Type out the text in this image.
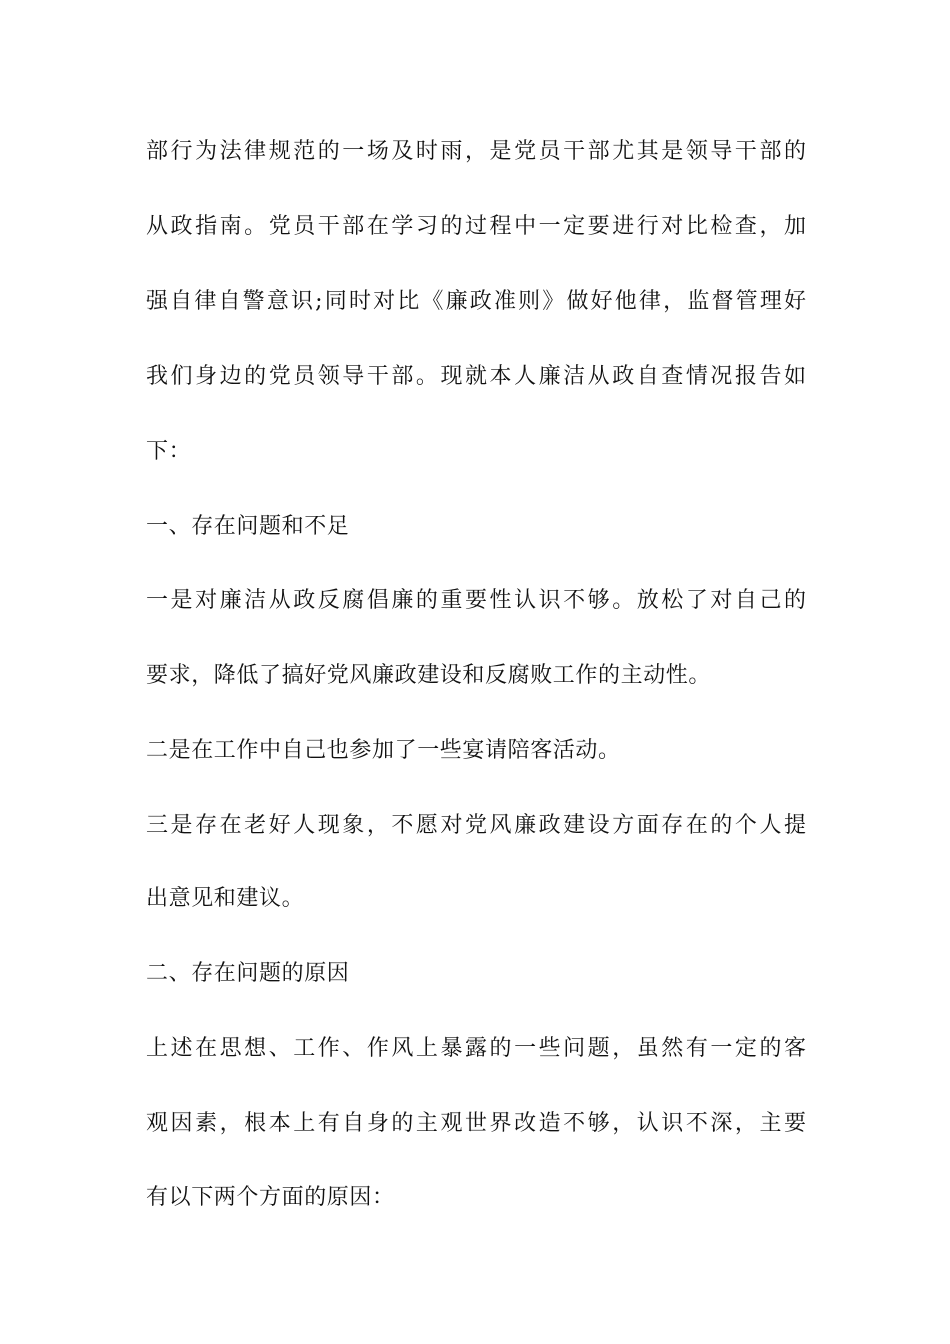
部行为法律规范的一场及时雨，是党员干部尤其是领导干部的
从政指南。党员干部在学习的过程中一定要进行对比检查，加
强自律自警意识;同时对比《廉政准则》做好他律，监督管理好
我们身边的党员领导干部。现就本人廉洁从政自查情况报告如
下：
一、存在问题和不足
一是对廉洁从政反腐倡廉的重要性认识不够。放松了对自己的
要求，降低了搞好党风廉政建设和反腐败工作的主动性。
二是在工作中自己也参加了一些宴请陪客活动。
三是存在老好人现象，不愿对党风廉政建设方面存在的个人提
出意见和建议。
二、存在问题的原因
上述在思想、工作、作风上暴露的一些问题，虽然有一定的客
观因素，根本上有自身的主观世界改造不够，认识不深，主要
有以下两个方面的原因：
